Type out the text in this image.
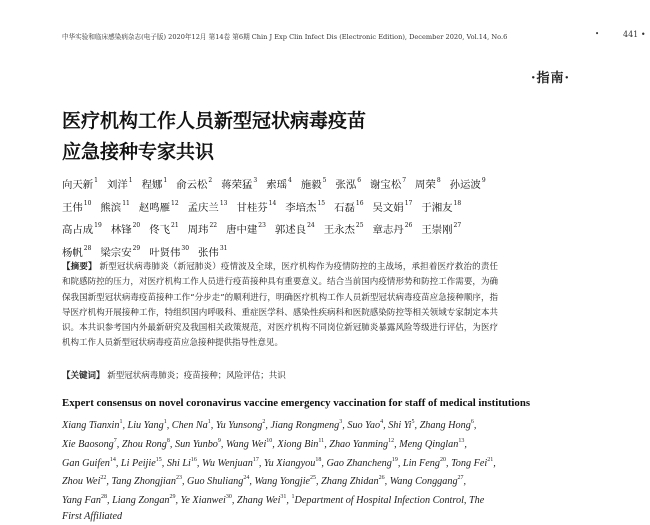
中华实验和临床感染病杂志(电子版) 2020年12月 第14卷 第6期 Chin J Exp Clin Infect Dis (Electronic Edition), December 2020, Vol.14, No.6	•	441 •
·指南·
医疗机构工作人员新型冠状病毒疫苗
应急接种专家共识
向天新$^1$ 刘洋$^1$ 程娜$^1$ 俞云松$^2$ 蒋荣猛$^3$ 索瑶$^4$ 施毅$^5$ 张泓$^6$ 谢宝松$^7$ 周荣$^8$ 孙运波$^9$王伟$^{10}$ 熊滨$^{11}$ 赵鸣雁$^{12}$ 孟庆兰$^{13}$ 甘桂芬$^{14}$ 李培杰$^{15}$ 石磊$^{16}$ 吴文娟$^{17}$ 于湘友$^{18}$高占成$^{19}$ 林锋$^{20}$ 佟飞$^{21}$ 周玮$^{22}$ 唐中建$^{23}$ 郭述良$^{24}$ 王永杰$^{25}$ 章志丹$^{26}$ 王崇刚$^{27}$杨帆$^{28}$ 梁宗安$^{29}$ 叶贤伟$^{30}$ 张伟$^{31}$
【摘要】 新型冠状病毒肺炎（新冠肺炎）疫情波及全球，医疗机构作为疫情防控的主战场，承担着医疗救治的责任和院感防控的压力，对医疗机构工作人员进行疫苗接种具有重要意义。结合当前国内疫情形势和防控工作需要，为确保我国新型冠状病毒疫苗接种工作“分步走”的顺利进行，明确医疗机构工作人员新型冠状病毒疫苗应急接种顺序，指导医疗机构开展接种工作，特组织国内呼吸科、重症医学科、感染性疾病科和医院感染防控等相关领域专家制定本共识。本共识参考国内外最新研究及我国相关政策规范，对医疗机构不同岗位新冠肺炎暴露风险等级进行评估，为医疗机构工作人员新型冠状病毒疫苗应急接种提供指导性意见。
【关键词】 新型冠状病毒肺炎；疫苗接种；风险评估；共识
Expert consensus on novel coronavirus vaccine emergency vaccination for staff of medical institutions
Xiang Tianxin$^1$, Liu Yang$^1$, Chen Na$^1$, Yu Yunsong$^2$, Jiang Rongmeng$^3$, Suo Yao$^4$, Shi Yi$^5$, Zhang Hong$^6$, Xie Baosong$^7$, Zhou Rong$^8$, Sun Yunbo$^9$, Wang Wei$^{10}$, Xiong Bin$^{11}$, Zhao Yanming$^{12}$, Meng Qinglan$^{13}$, Gan Guifen$^{14}$, Li Peijie$^{15}$, Shi Li$^{16}$, Wu Wenjuan$^{17}$, Yu Xiangyou$^{18}$, Gao Zhancheng$^{19}$, Lin Feng$^{20}$, Tong Fei$^{21}$, Zhou Wei$^{22}$, Tang Zhongjian$^{23}$, Guo Shuliang$^{24}$, Wang Yongjie$^{25}$, Zhang Zhidan$^{26}$, Wang Conggang$^{27}$, Yang Fan$^{28}$, Liang Zongan$^{29}$, Ye Xianwei$^{30}$, Zhang Wei$^{31}$, $^1$Department of Hospital Infection Control, The First Affiliated
